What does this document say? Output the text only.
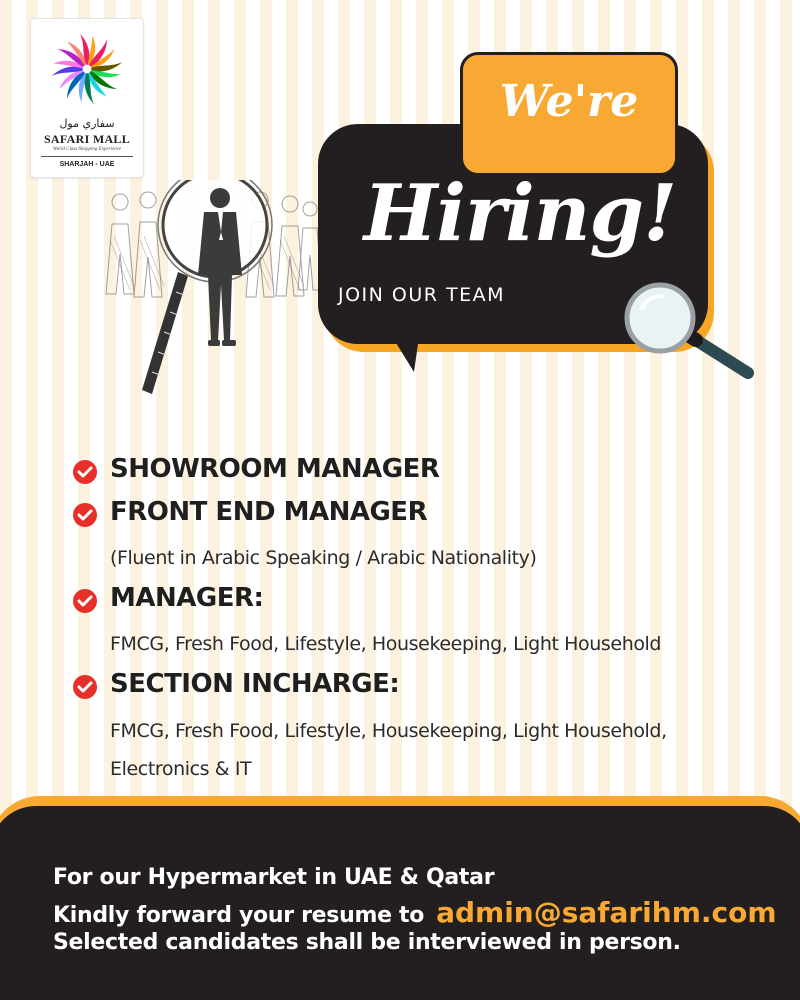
سفاري مول
SAFARI MALL
World Class Shopping Experience
SHARJAH - UAE
We're
Hiring!
JOIN OUR TEAM
SHOWROOM MANAGER
FRONT END MANAGER
(Fluent in Arabic Speaking / Arabic Nationality)
MANAGER:
FMCG, Fresh Food, Lifestyle, Housekeeping, Light Household
SECTION INCHARGE:
FMCG, Fresh Food, Lifestyle, Housekeeping, Light Household,
Electronics & IT
For our Hypermarket in UAE & Qatar
Kindly forward your resume to admin@safarihm.com
Selected candidates shall be interviewed in person.
